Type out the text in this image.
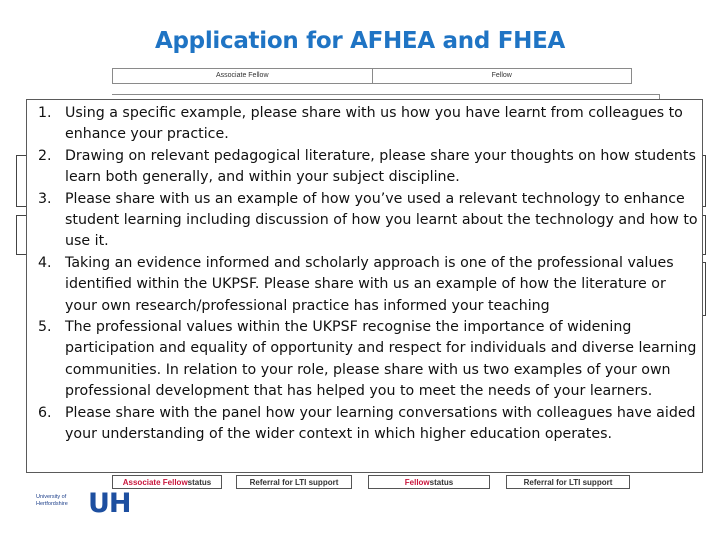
Application for AFHEA and FHEA
Associate Fellow	Fellow
1. Using a specific example, please share with us how you have learnt from colleagues to enhance your practice.
2. Drawing on relevant pedagogical literature, please share your thoughts on how students learn both generally, and within your subject discipline.
3. Please share with us an example of how you’ve used a relevant technology to enhance student learning including discussion of how you learnt about the technology and how to use it.
4. Taking an evidence informed and scholarly approach is one of the professional values identified within the UKPSF. Please share with us an example of how the literature or your own research/professional practice has informed your teaching
5. The professional values within the UKPSF recognise the importance of widening participation and equality of opportunity and respect for individuals and diverse learning communities. In relation to your role, please share with us two examples of your own professional development that has helped you to meet the needs of your learners.
6. Please share with the panel how your learning conversations with colleagues have aided your understanding of the wider context in which higher education operates.
Associate Fellow status	Referral for LTI support	Fellow status	Referral for LTI support
University of Hertfordshire UH
